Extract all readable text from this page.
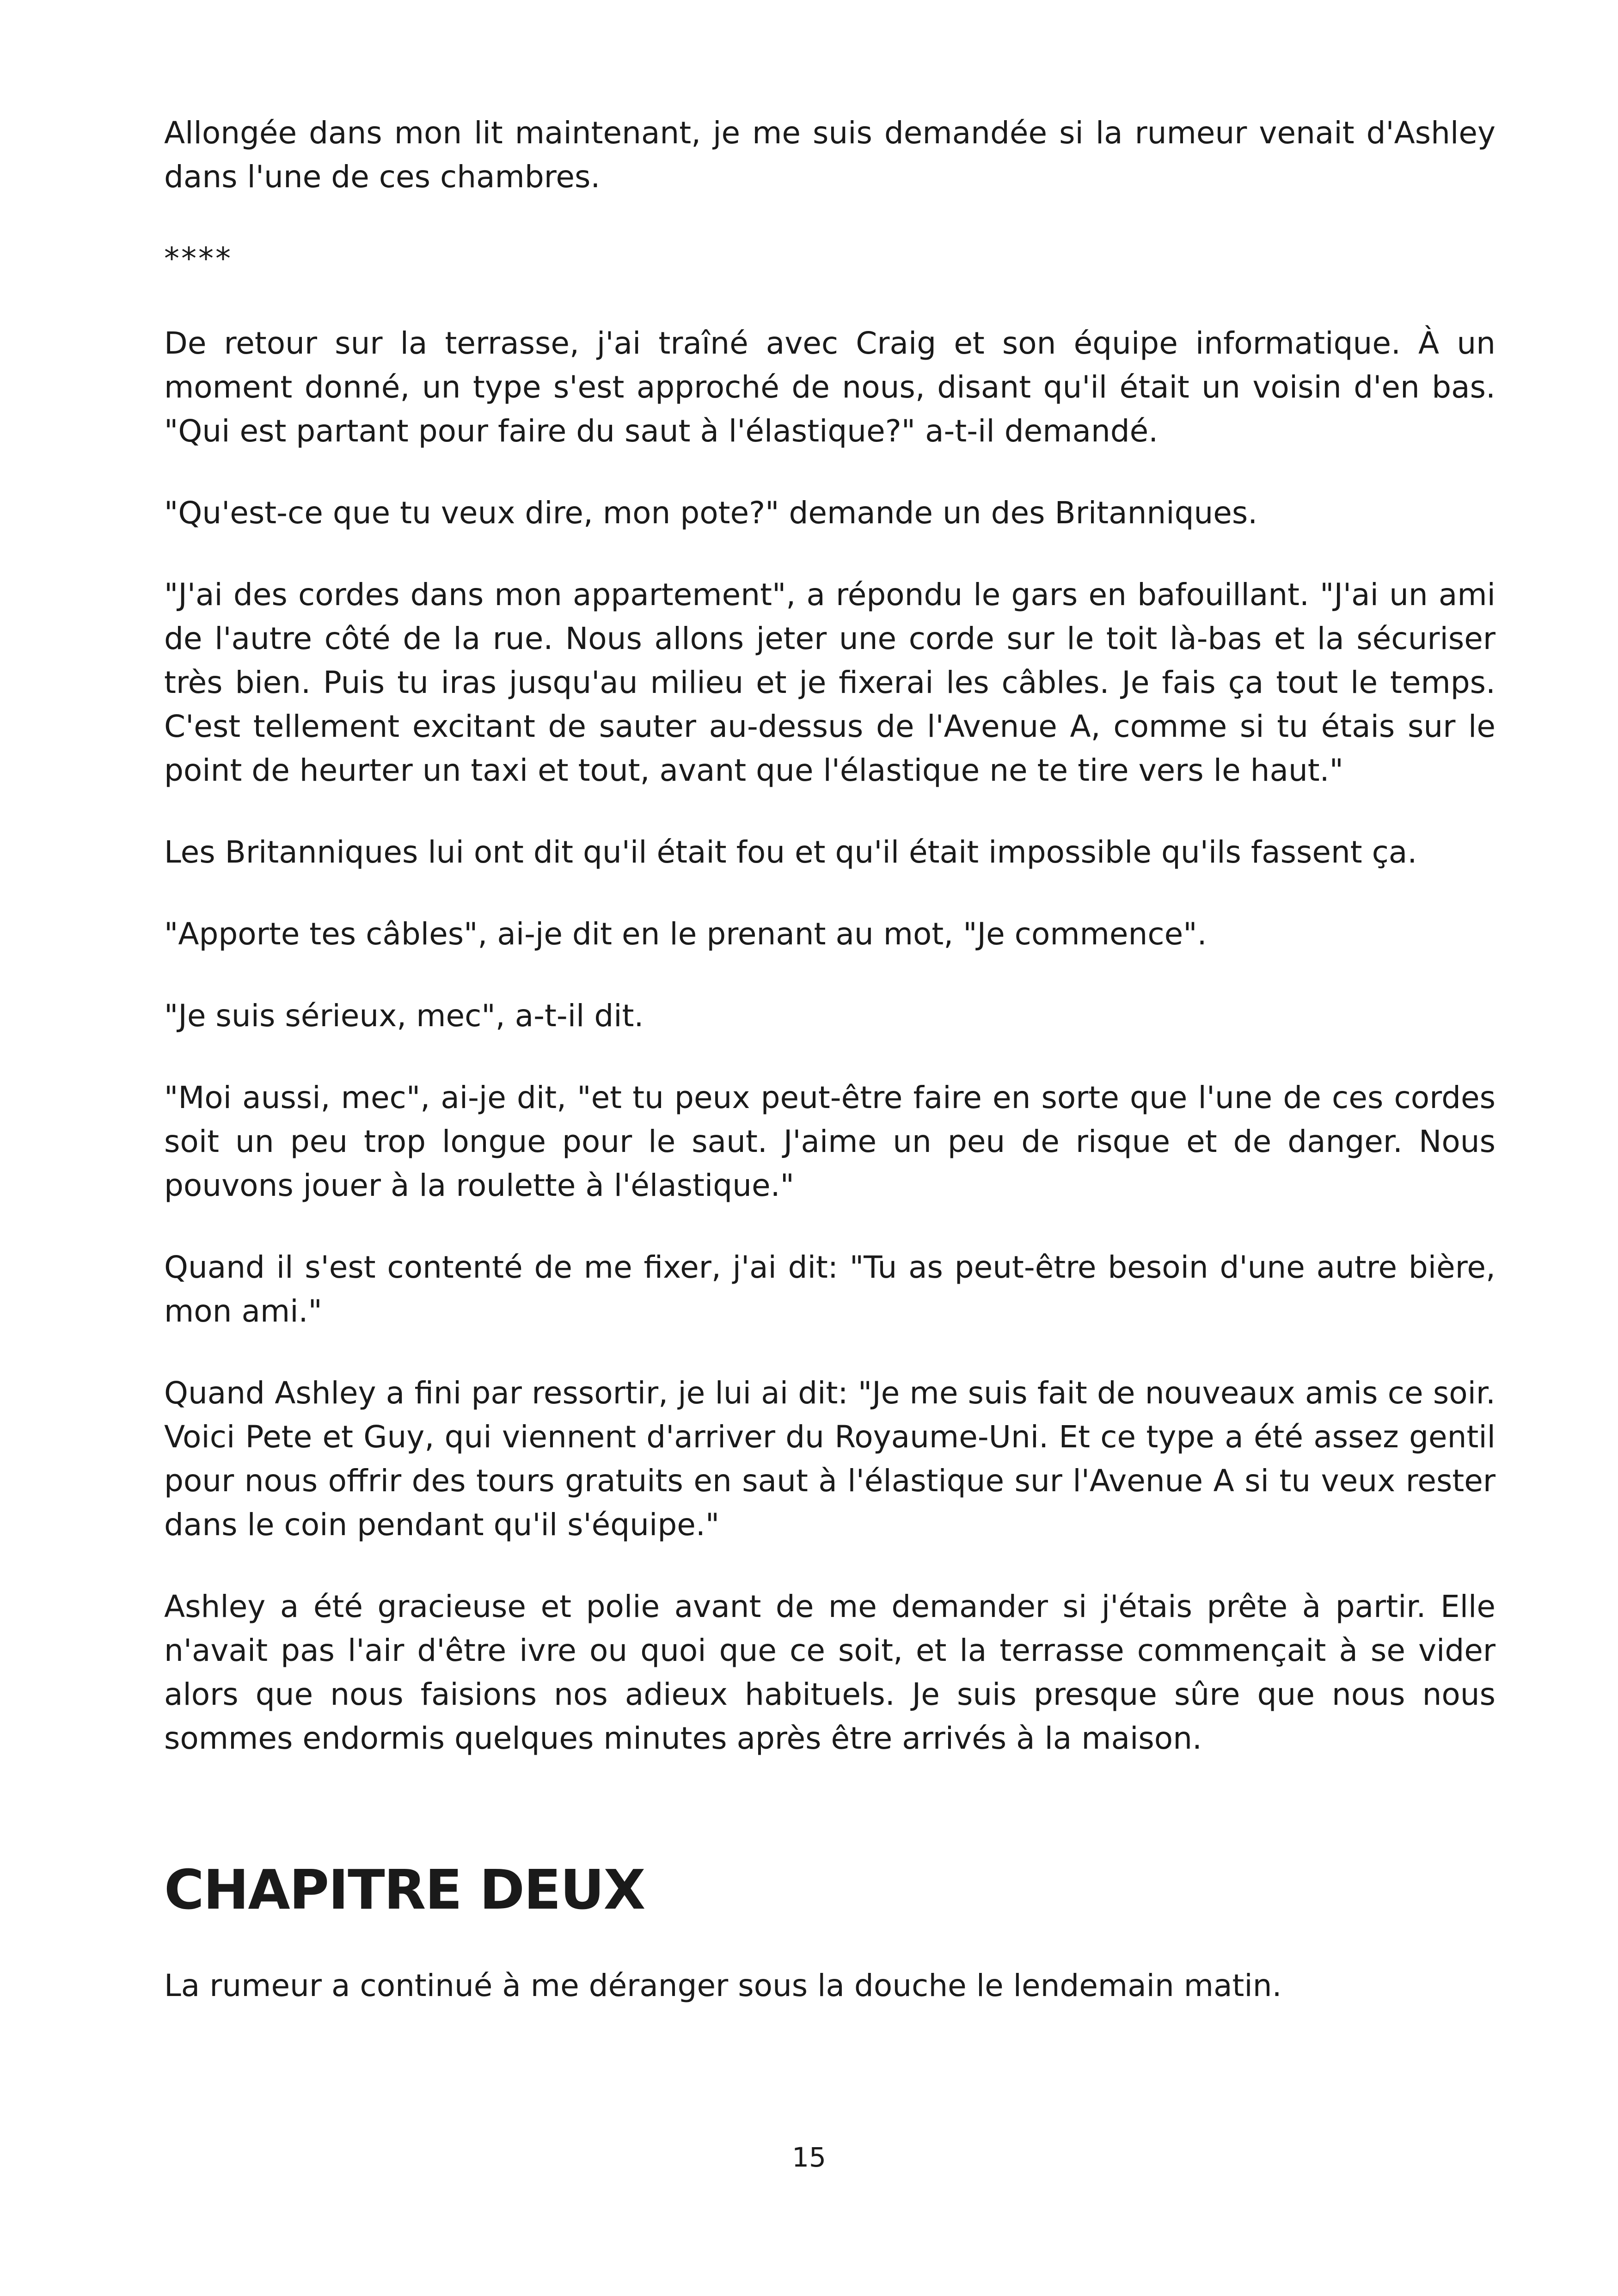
Allongée dans mon lit maintenant, je me suis demandée si la rumeur venait d'Ashley dans l'une de ces chambres.

****

De retour sur la terrasse, j'ai traîné avec Craig et son équipe informatique. À un moment donné, un type s'est approché de nous, disant qu'il était un voisin d'en bas. "Qui est partant pour faire du saut à l'élastique?" a-t-il demandé.

"Qu'est-ce que tu veux dire, mon pote?" demande un des Britanniques.

"J'ai des cordes dans mon appartement", a répondu le gars en bafouillant. "J'ai un ami de l'autre côté de la rue. Nous allons jeter une corde sur le toit là-bas et la sécuriser très bien. Puis tu iras jusqu'au milieu et je fixerai les câbles. Je fais ça tout le temps. C'est tellement excitant de sauter au-dessus de l'Avenue A, comme si tu étais sur le point de heurter un taxi et tout, avant que l'élastique ne te tire vers le haut."

Les Britanniques lui ont dit qu'il était fou et qu'il était impossible qu'ils fassent ça.

"Apporte tes câbles", ai-je dit en le prenant au mot, "Je commence".

"Je suis sérieux, mec", a-t-il dit.

"Moi aussi, mec", ai-je dit, "et tu peux peut-être faire en sorte que l'une de ces cordes soit un peu trop longue pour le saut. J'aime un peu de risque et de danger. Nous pouvons jouer à la roulette à l'élastique."

Quand il s'est contenté de me fixer, j'ai dit: "Tu as peut-être besoin d'une autre bière, mon ami."

Quand Ashley a fini par ressortir, je lui ai dit: "Je me suis fait de nouveaux amis ce soir. Voici Pete et Guy, qui viennent d'arriver du Royaume-Uni. Et ce type a été assez gentil pour nous offrir des tours gratuits en saut à l'élastique sur l'Avenue A si tu veux rester dans le coin pendant qu'il s'équipe."

Ashley a été gracieuse et polie avant de me demander si j'étais prête à partir. Elle n'avait pas l'air d'être ivre ou quoi que ce soit, et la terrasse commençait à se vider alors que nous faisions nos adieux habituels. Je suis presque sûre que nous nous sommes endormis quelques minutes après être arrivés à la maison.

CHAPITRE DEUX

La rumeur a continué à me déranger sous la douche le lendemain matin.

15
